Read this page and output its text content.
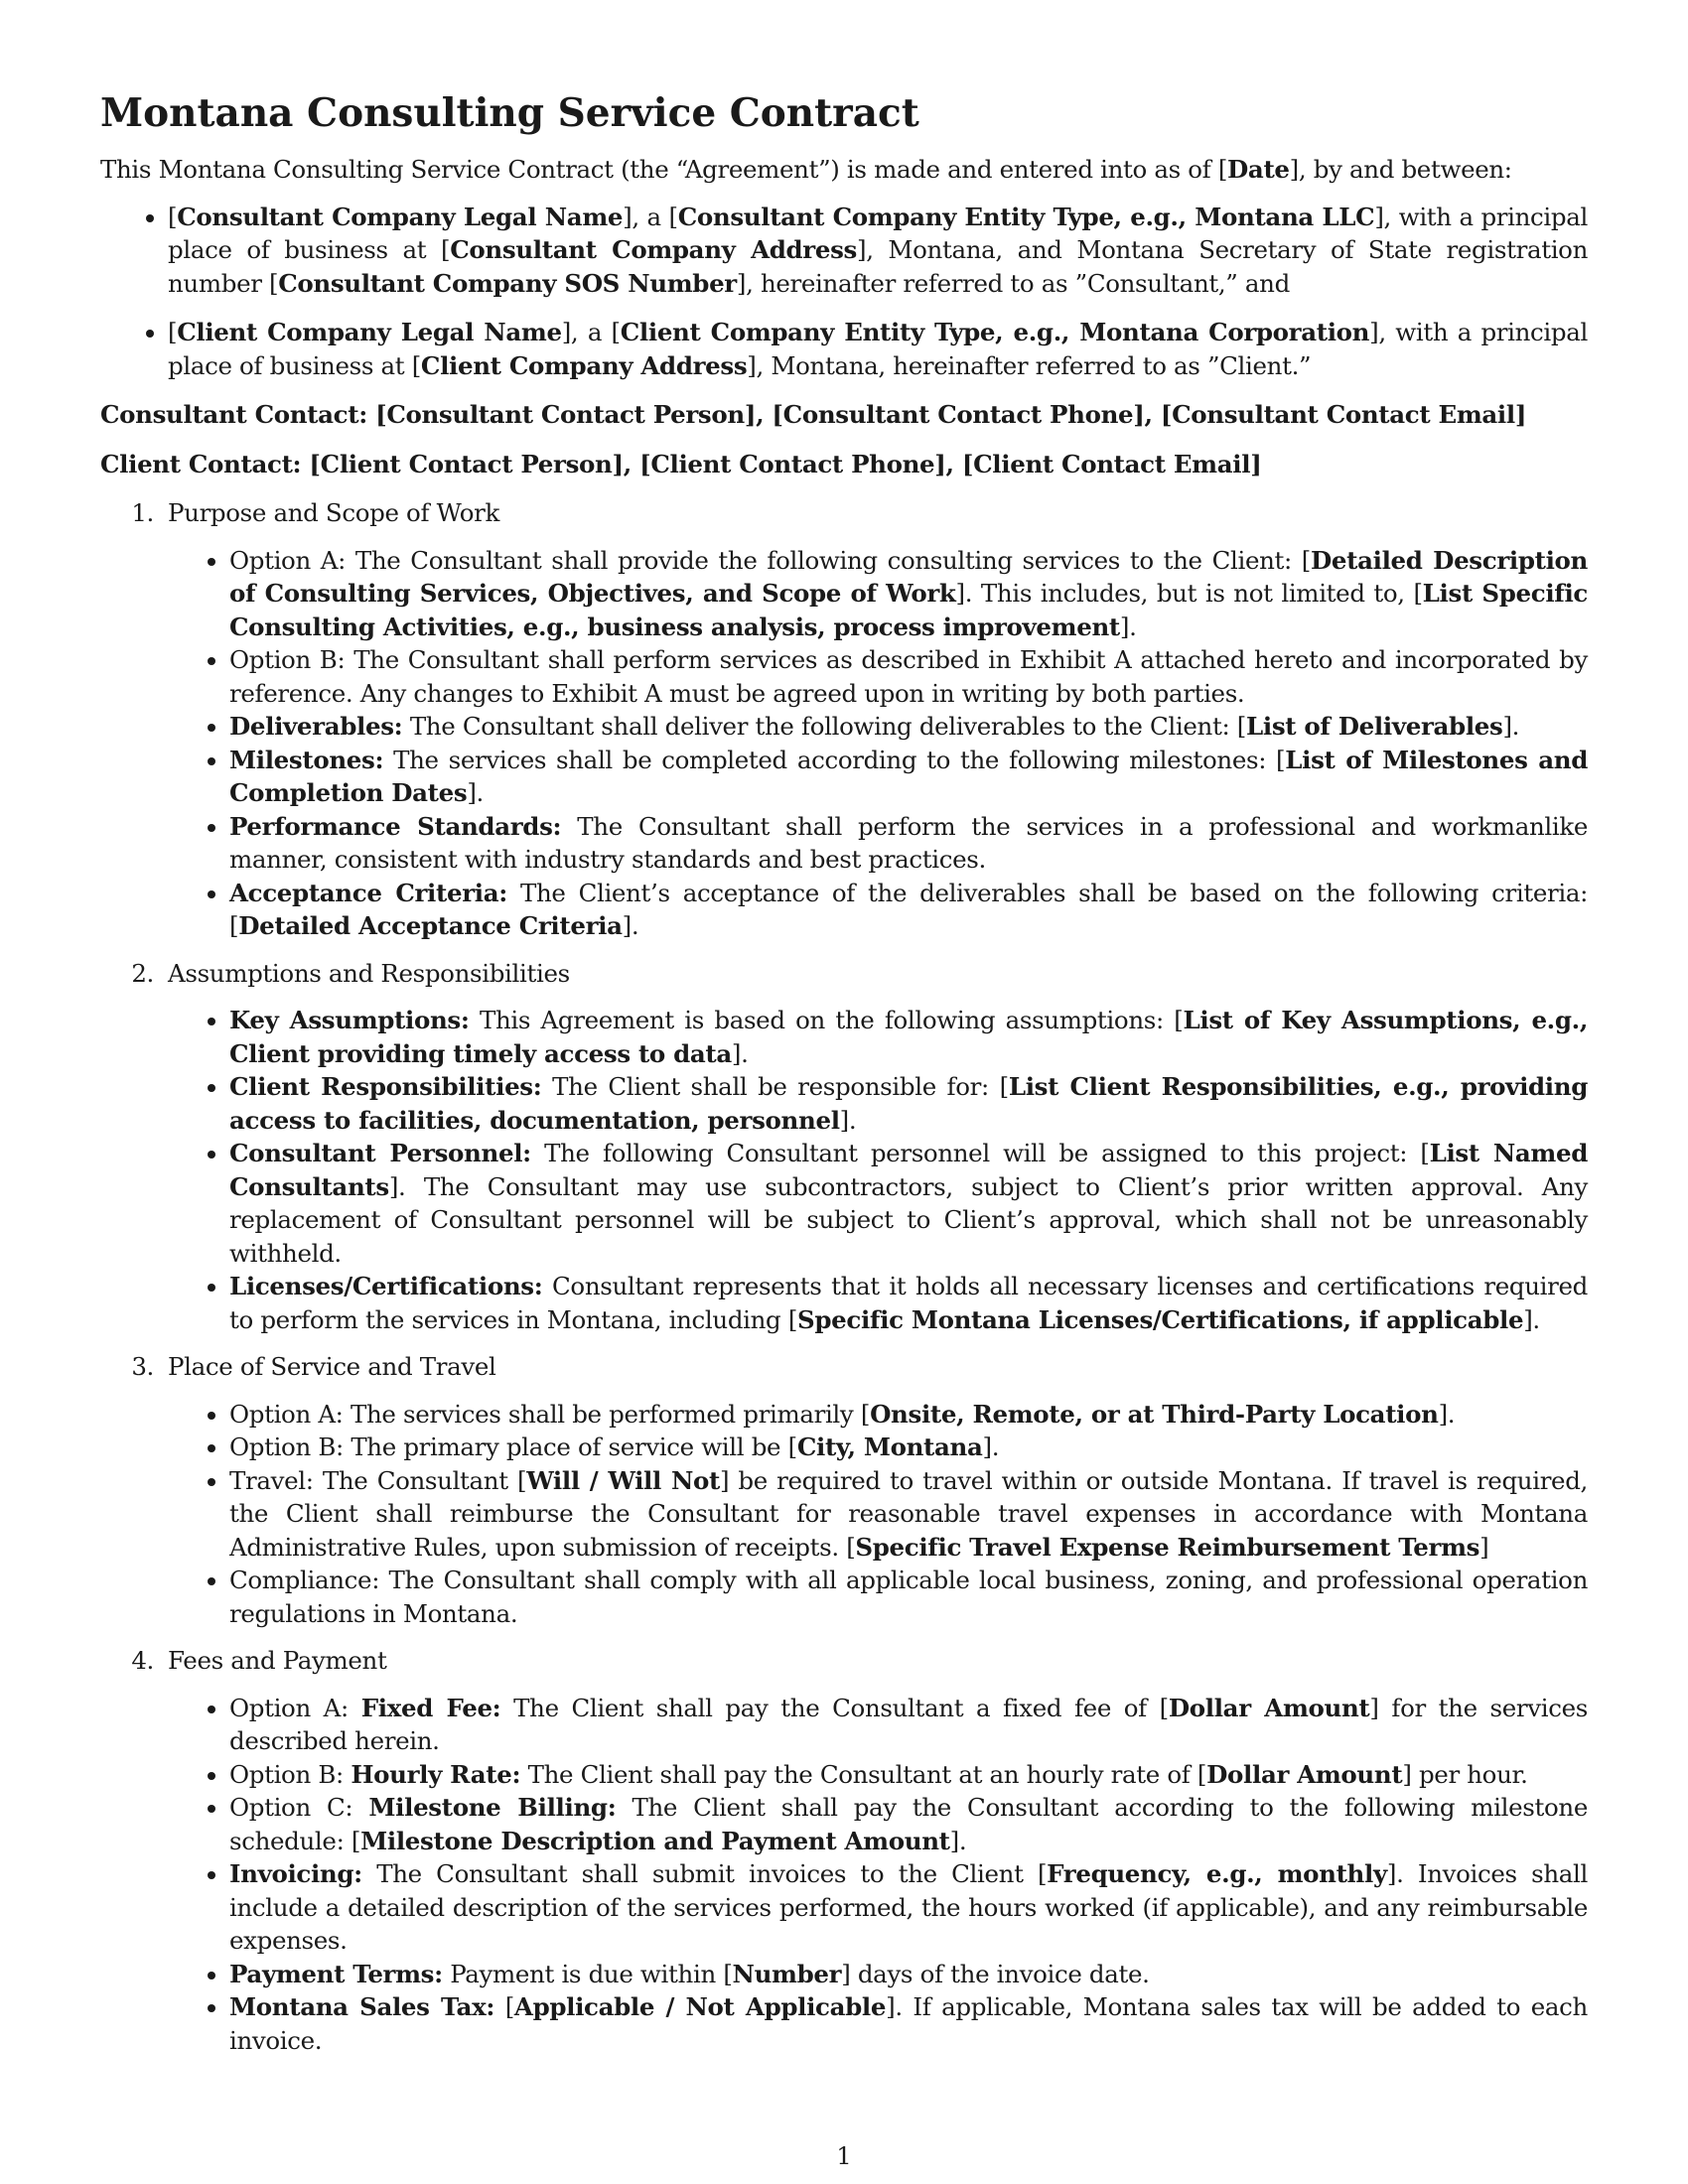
Montana Consulting Service Contract

This Montana Consulting Service Contract (the “Agreement”) is made and entered into as of [Date], by and between:

• [Consultant Company Legal Name], a [Consultant Company Entity Type, e.g., Montana LLC], with a principal place of business at [Consultant Company Address], Montana, and Montana Secretary of State registration number [Consultant Company SOS Number], hereinafter referred to as ”Consultant,” and
• [Client Company Legal Name], a [Client Company Entity Type, e.g., Montana Corporation], with a principal place of business at [Client Company Address], Montana, hereinafter referred to as ”Client.”

Consultant Contact: [Consultant Contact Person], [Consultant Contact Phone], [Consultant Contact Email]

Client Contact: [Client Contact Person], [Client Contact Phone], [Client Contact Email]

1. Purpose and Scope of Work
• Option A: The Consultant shall provide the following consulting services to the Client: [Detailed Description of Consulting Services, Objectives, and Scope of Work]. This includes, but is not limited to, [List Specific Consulting Activities, e.g., business analysis, process improvement].
• Option B: The Consultant shall perform services as described in Exhibit A attached hereto and incorporated by reference. Any changes to Exhibit A must be agreed upon in writing by both parties.
• Deliverables: The Consultant shall deliver the following deliverables to the Client: [List of Deliverables].
• Milestones: The services shall be completed according to the following milestones: [List of Milestones and Completion Dates].
• Performance Standards: The Consultant shall perform the services in a professional and workmanlike manner, consistent with industry standards and best practices.
• Acceptance Criteria: The Client’s acceptance of the deliverables shall be based on the following criteria: [Detailed Acceptance Criteria].
2. Assumptions and Responsibilities
• Key Assumptions: This Agreement is based on the following assumptions: [List of Key Assumptions, e.g., Client providing timely access to data].
• Client Responsibilities: The Client shall be responsible for: [List Client Responsibilities, e.g., providing access to facilities, documentation, personnel].
• Consultant Personnel: The following Consultant personnel will be assigned to this project: [List Named Consultants]. The Consultant may use subcontractors, subject to Client’s prior written approval. Any replacement of Consultant personnel will be subject to Client’s approval, which shall not be unreasonably withheld.
• Licenses/Certifications: Consultant represents that it holds all necessary licenses and certifications required to perform the services in Montana, including [Specific Montana Licenses/Certifications, if applicable].
3. Place of Service and Travel
• Option A: The services shall be performed primarily [Onsite, Remote, or at Third-Party Location].
• Option B: The primary place of service will be [City, Montana].
• Travel: The Consultant [Will / Will Not] be required to travel within or outside Montana. If travel is required, the Client shall reimburse the Consultant for reasonable travel expenses in accordance with Montana Administrative Rules, upon submission of receipts. [Specific Travel Expense Reimbursement Terms]
• Compliance: The Consultant shall comply with all applicable local business, zoning, and professional operation regulations in Montana.
4. Fees and Payment
• Option A: Fixed Fee: The Client shall pay the Consultant a fixed fee of [Dollar Amount] for the services described herein.
• Option B: Hourly Rate: The Client shall pay the Consultant at an hourly rate of [Dollar Amount] per hour.
• Option C: Milestone Billing: The Client shall pay the Consultant according to the following milestone schedule: [Milestone Description and Payment Amount].
• Invoicing: The Consultant shall submit invoices to the Client [Frequency, e.g., monthly]. Invoices shall include a detailed description of the services performed, the hours worked (if applicable), and any reimbursable expenses.
• Payment Terms: Payment is due within [Number] days of the invoice date.
• Montana Sales Tax: [Applicable / Not Applicable]. If applicable, Montana sales tax will be added to each invoice.
1
